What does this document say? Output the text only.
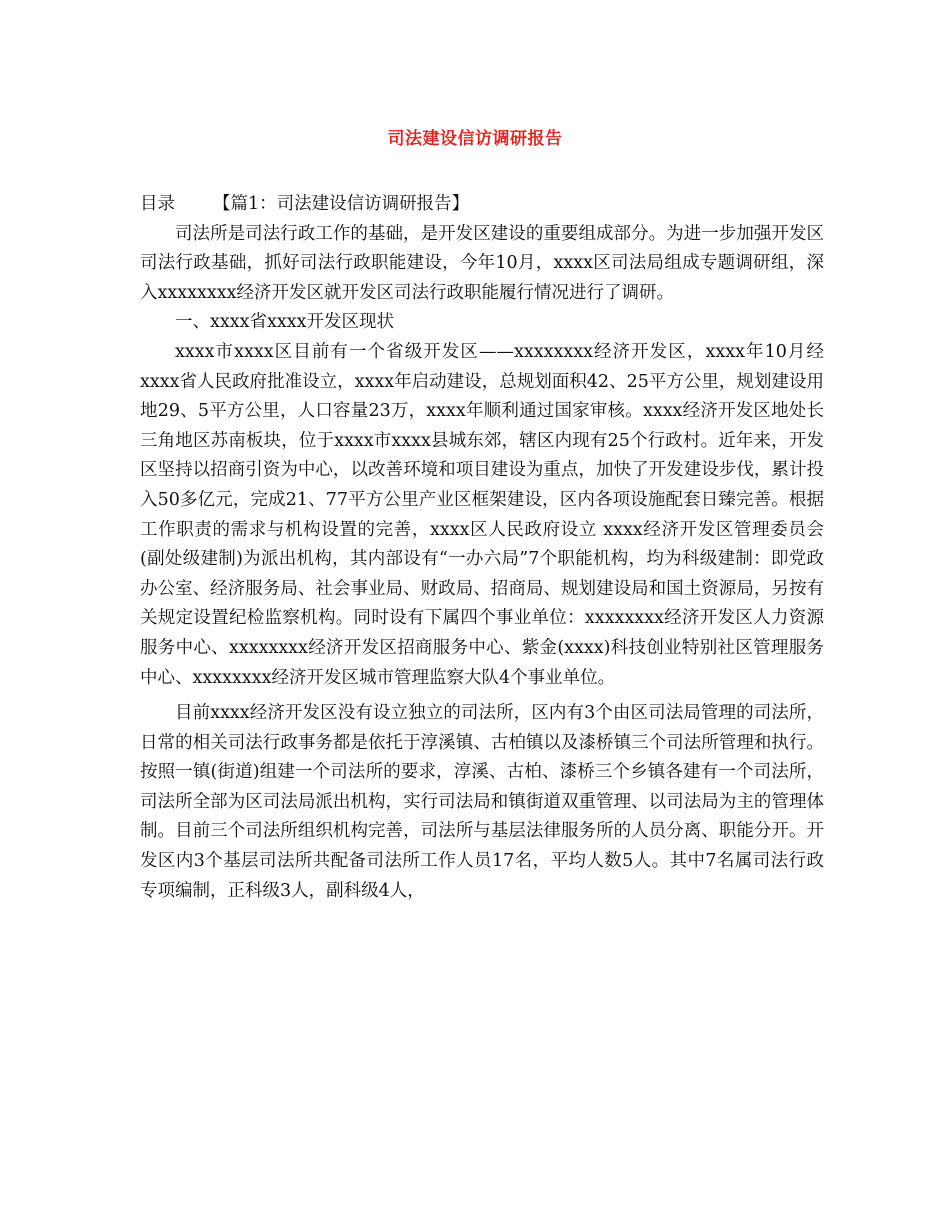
司法建设信访调研报告
目录 【篇1：司法建设信访调研报告】

司法所是司法行政工作的基础，是开发区建设的重要组成部分。为进一步加强开发区司法行政基础，抓好司法行政职能建设，今年10月，xxxx区司法局组成专题调研组，深入xxxxxxxx经济开发区就开发区司法行政职能履行情况进行了调研。

一、xxxx省xxxx开发区现状

xxxx市xxxx区目前有一个省级开发区——xxxxxxxx经济开发区，xxxx年10月经xxxx省人民政府批准设立，xxxx年启动建设，总规划面积42、25平方公里，规划建设用地29、5平方公里，人口容量23万，xxxx年顺利通过国家审核。xxxx经济开发区地处长三角地区苏南板块，位于xxxx市xxxx县城东郊，辖区内现有25个行政村。近年来，开发区坚持以招商引资为中心，以改善环境和项目建设为重点，加快了开发建设步伐，累计投入50多亿元，完成21、77平方公里产业区框架建设，区内各项设施配套日臻完善。根据工作职责的需求与机构设置的完善，xxxx区人民政府设立 xxxx经济开发区管理委员会(副处级建制)为派出机构，其内部设有“一办六局”7个职能机构，均为科级建制：即党政办公室、经济服务局、社会事业局、财政局、招商局、规划建设局和国土资源局，另按有关规定设置纪检监察机构。同时设有下属四个事业单位：xxxxxxxx经济开发区人力资源服务中心、xxxxxxxx经济开发区招商服务中心、紫金(xxxx)科技创业特别社区管理服务中心、xxxxxxxx经济开发区城市管理监察大队4个事业单位。

目前xxxx经济开发区没有设立独立的司法所，区内有3个由区司法局管理的司法所，日常的相关司法行政事务都是依托于淳溪镇、古柏镇以及漆桥镇三个司法所管理和执行。按照一镇(街道)组建一个司法所的要求，淳溪、古柏、漆桥三个乡镇各建有一个司法所，司法所全部为区司法局派出机构，实行司法局和镇街道双重管理、以司法局为主的管理体制。目前三个司法所组织机构完善，司法所与基层法律服务所的人员分离、职能分开。开发区内3个基层司法所共配备司法所工作人员17名，平均人数5人。其中7名属司法行政专项编制，正科级3人，副科级4人，
